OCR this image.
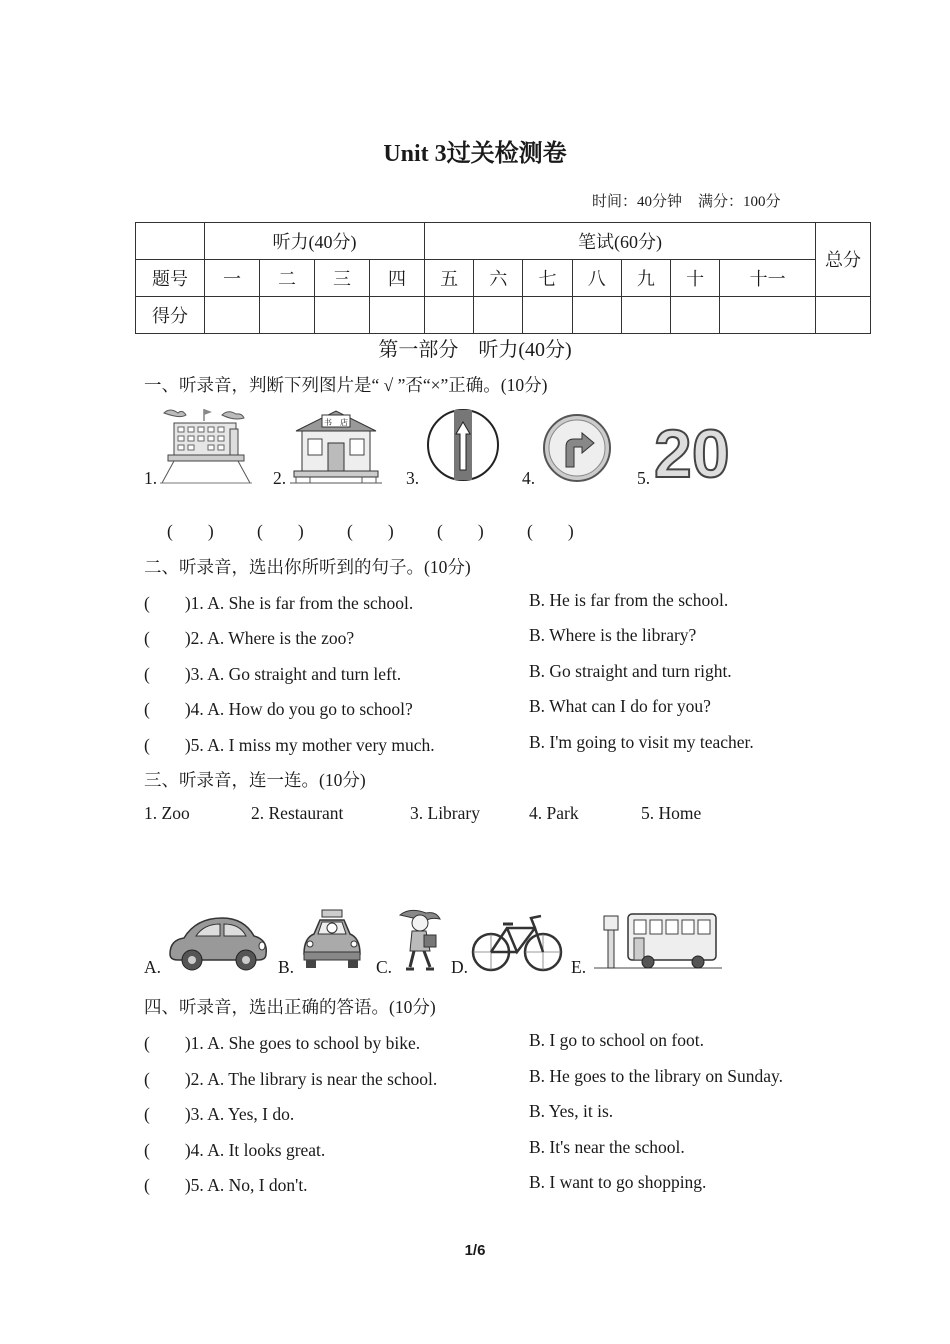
Unit 3过关检测卷
时间：40分钟 满分：100分
	听力(40分)				笔试(60分)							总分
题号	一	二	三	四	五	六	七	八	九	十	十一	
得分												
第一部分　听力(40分)
一、听录音，判断下列图片是“ √ ”否“×”正确。(10分)
1.	2.
书　店
3.	4.	5. 20
(　　) (　　) (　　) (　　) (　　)
二、听录音，选出你所听到的句子。(10分)
(　　)1. A. She is far from the school.	B. He is far from the school.
(　　)2. A. Where is the zoo?	B. Where is the library?
(　　)3. A. Go straight and turn left.	B. Go straight and turn right.
(　　)4. A. How do you go to school?	B. What can I do for you?
(　　)5. A. I miss my mother very much.	B. I'm going to visit my teacher.
三、听录音，连一连。(10分)
1. Zoo	2. Restaurant	3. Library	4. Park	5. Home
A.	B.	C.	D.	E.
四、听录音，选出正确的答语。(10分)
(　　)1. A. She goes to school by bike.	B. I go to school on foot.
(　　)2. A. The library is near the school.	B. He goes to the library on Sunday.
(　　)3. A. Yes, I do.	B. Yes, it is.
(　　)4. A. It looks great.	B. It's near the school.
(　　)5. A. No, I don't.	B. I want to go shopping.
1/6
